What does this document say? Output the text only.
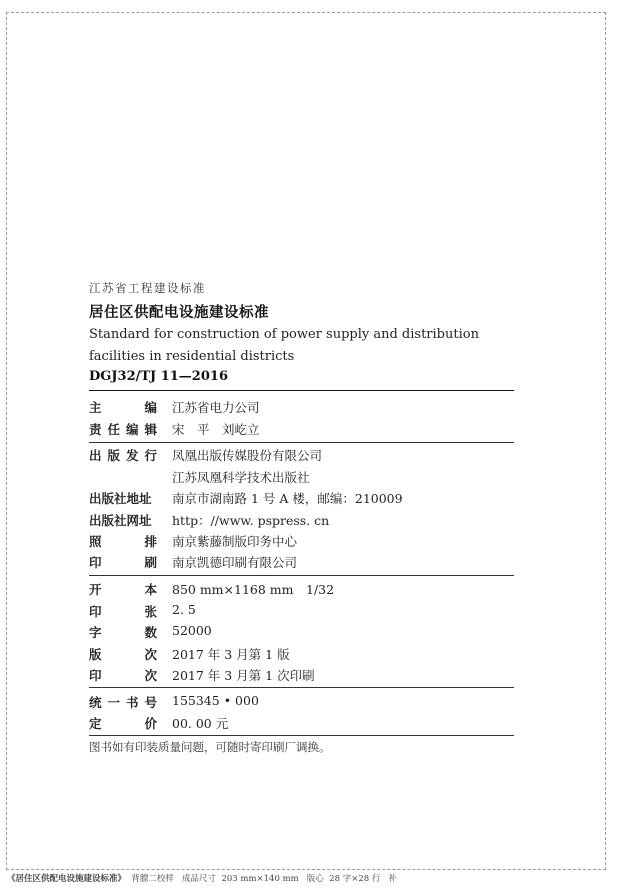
江苏省工程建设标准
居住区供配电设施建设标准
Standard for construction of power supply and distribution facilities in residential districts
DGJ32/TJ 11—2016
主	编 江苏省电力公司
责 任 编 辑 宋　平　刘屹立
出 版 发 行 凤凰出版传媒股份有限公司
江苏凤凰科学技术出版社
出版社地址	南京市湖南路 1 号 A 楼，邮编：210009
出版社网址	http：//www. pspress. cn
照	排 南京紫藤制版印务中心
印	刷 南京凯德印刷有限公司
开	本 850 mm×1168 mm　1/32
印	张 2. 5
字	数 52000
版	次 2017 年 3 月第 1 版
印	次 2017 年 3 月第 1 次印刷
统 一 书 号 155345 • 000
定	价 00. 00 元
图书如有印装质量问题，可随时寄印刷厂调换。
《居住区供配电设施建设标准》 背膘二校样 成品尺寸 203 mm×140 mm 版心 28 字×28 行 补
